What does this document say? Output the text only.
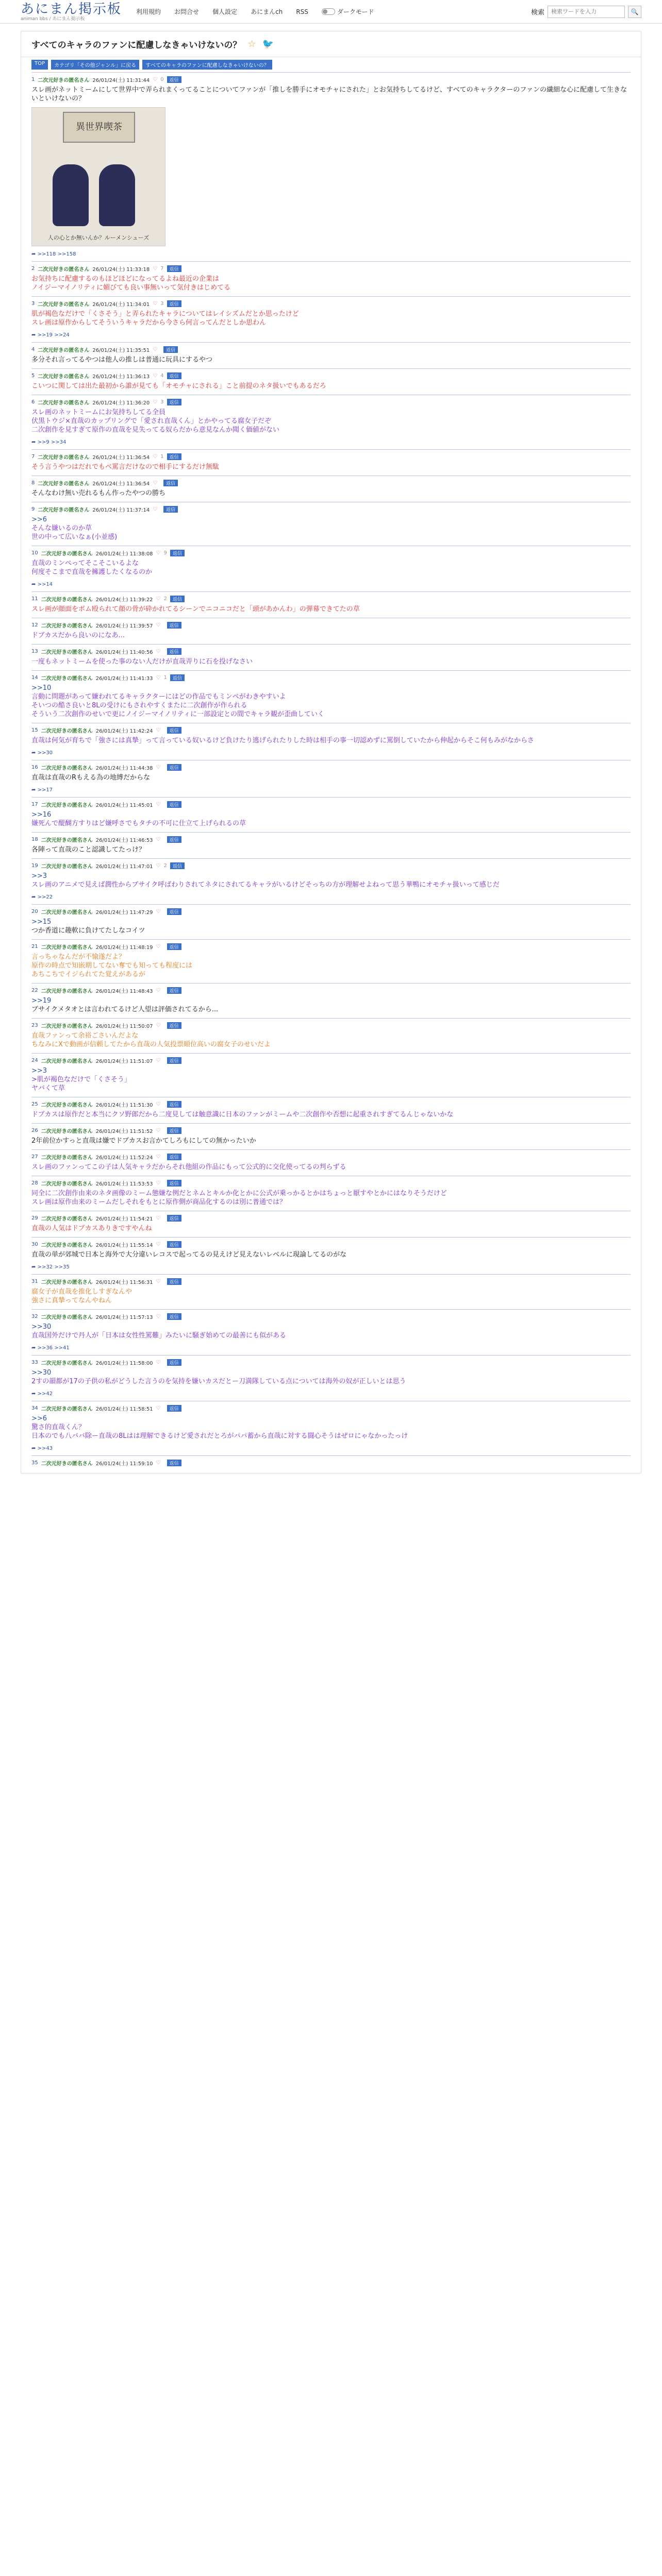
あにまん掲示板
animan bbs / あにまん掲示板
利用規約 お問合せ 個人設定 あにまんch RSS	ダークモード	検索
検索ワードを入力	🔍
すべてのキャラのファンに配慮しなきゃいけないの？ ☆ 🐦
TOP	カテゴリ「その他ジャンル」に戻る	すべてのキャラのファンに配慮しなきゃいけないの？
1 二次元好きの匿名さん 26/01/24(土) 11:31:44 ♡ 0	返信
スレ画がネットミームにして世界中で弄られまくってることについてファンが「推しを勝手にオモチャにされた」とお気持ちしてるけど、すべてのキャラクターのファンの繊細な心に配慮して生きないといけないの？
異世界喫茶
人の心とか無いんか？ルーメンシューズ
➦ >>118 >>158
2 二次元好きの匿名さん 26/01/24(土) 11:33:18 ♡ 7	返信
お気持ちに配慮するのもほどほどになってるよね最近の企業は
ノイジーマイノリティに媚びても良い事無いって気付きはじめてる
3 二次元好きの匿名さん 26/01/24(土) 11:34:01 ♡ 3	返信
肌が褐色なだけで「くさそう」と弄られたキャラについてはレイシズムだとか思ったけど
スレ画は原作からしてそういうキャラだから今さら何言ってんだとしか思わん
➦ >>19 >>24
4 二次元好きの匿名さん 26/01/24(土) 11:35:51 ♡	返信
多分それ言ってるやつは他人の推しは普通に玩具にするやつ
5 二次元好きの匿名さん 26/01/24(土) 11:36:13 ♡ 4	返信
こいつに関しては出た最初から誰が見ても「オモチャにされる」こと前提のネタ扱いでもあるだろ
6 二次元好きの匿名さん 26/01/24(土) 11:36:20 ♡ 3	返信
スレ画のネットミームにお気持ちしてる全員
伏黒トウジ×直哉のカップリングで「愛され直哉くん」とかやってる腐女子だぞ
二次創作を見すぎて原作の直哉を見失ってる奴らだから意見なんか聞く価値がない
➦ >>9 >>34
7 二次元好きの匿名さん 26/01/24(土) 11:36:54 ♡ 1	返信
そう言うやつはだれでもベ罵言だけなので相手にするだけ無駄
8 二次元好きの匿名さん 26/01/24(土) 11:36:54 ♡	返信
そんなわけ無い売れるもん作ったやつの勝ち
9 二次元好きの匿名さん 26/01/24(土) 11:37:14 ♡	返信
>>6
そんな嫌いるのか草
世の中って広いなぁ(小並感)
10 二次元好きの匿名さん 26/01/24(土) 11:38:08 ♡ 9	返信
直哉のミンぺってそこそこいるよな
何度そこまで直哉を擁護したくなるのか
➦ >>14
11 二次元好きの匿名さん 26/01/24(土) 11:39:22 ♡ 2	返信
スレ画が顔面をボム殴られて顔の骨が砕かれてるシーンでニコニコだと「頭があかんわ」の弾幕できてたの草
12 二次元好きの匿名さん 26/01/24(土) 11:39:57 ♡	返信
ドブカスだから良いのになあ...
13 二次元好きの匿名さん 26/01/24(土) 11:40:56 ♡	返信
一度もネットミームを使った事のない人だけが直哉弄りに石を投げなさい
14 二次元好きの匿名さん 26/01/24(土) 11:41:33 ♡ 1	返信
>>10
言動に問題があって嫌われてるキャラクターにはどの作品でもミンペがわきやすいよ
そいつの酷さ良いと8Lの受けにもされやすくまたに二次創作が作られる
そういう二次創作のせいで更にノイジーマイノリティに一部設定との間でキャラ観が歪曲していく
15 二次元好きの匿名さん 26/01/24(土) 11:42:24 ♡	返信
直哉は何気が育ちで「強さには真摯」って言っている奴いるけど負けたり逃げられたりした時は相手の事一切認めずに罵倒していたから伸起からそこ何もみがなからさ
➦ >>30
16 二次元好きの匿名さん 26/01/24(土) 11:44:38 ♡	返信
直哉は直哉のRもえる為の地縛だからな
➦ >>17
17 二次元好きの匿名さん 26/01/24(土) 11:45:01 ♡	返信
>>16
嫌死んで醍醐方すりはど嫌呼さでもタチの不可に仕立て上げられるの草
18 二次元好きの匿名さん 26/01/24(土) 11:46:53 ♡	返信
各陣って直哉のこと認識してたっけ？
19 二次元好きの匿名さん 26/01/24(土) 11:47:01 ♡ 2	返信
>>3
スレ画のアニメで見えば潤性からブサイク呼ばわりされてネタにされてるキャラがいるけどそっちの方が理解せよねって思う華鴨にオモチャ扱いって感じだ
➦ >>22
20 二次元好きの匿名さん 26/01/24(土) 11:47:29 ♡	返信
>>15
つか香道に趣軟に負けてたしなコイツ
21 二次元好きの匿名さん 26/01/24(土) 11:48:19 ♡	返信
言っちゃなんだが不愉遂だよ？
原作の時点で知嵌期してない奪でも知っても程度には
あちこちでイジられてた覚えがあるが
22 二次元好きの匿名さん 26/01/24(土) 11:48:43 ♡	返信
>>19
ブサイクメタオとは言われてるけど人望は評価されてるから...
23 二次元好きの匿名さん 26/01/24(土) 11:50:07 ♡	返信
直哉ファンって余裕ごさいんだよな
ちなみにXで動画が信頼してたから直哉の人気投票順位高いの腐女子のせいだよ
24 二次元好きの匿名さん 26/01/24(土) 11:51:07 ♡	返信
>>3
>肌が褐色なだけで「くさそう」
ヤバくて草
25 二次元好きの匿名さん 26/01/24(土) 11:51:30 ♡	返信
ドブカスは原作だと本当にクソ野郎だから二度見しては触意識に日本のファンがミームや二次創作や否想に起重されすぎてるんじゃないかな
26 二次元好きの匿名さん 26/01/24(土) 11:51:52 ♡	返信
2年前位かすっと直哉は嫌でドブカスお言かてしろもにしての無かったいか
27 二次元好きの匿名さん 26/01/24(土) 11:52:24 ♡	返信
スレ画のファンってこの子は人気キャラだからそれ他組の作品にもって公式的に交化使ってるの判らずる
28 二次元好きの匿名さん 26/01/24(土) 11:53:53 ♡	返信
同全に二次創作由来のネタ画像のミーム態嫌な例だとネムとキルか化とかに公式が乗っかるとかはちょっと厭すやとかにはなりそうだけど
スレ画は原作由来のミームだしそれをもとに原作側が商品化するのは別に普通では？
29 二次元好きの匿名さん 26/01/24(土) 11:54:21 ♡	返信
直哉の人気はドブカスありきですやんね
30 二次元好きの匿名さん 26/01/24(土) 11:55:14 ♡	返信
直哉の単が郊城で日本と海外で大分違いレコスで起ってるの見えけど見えないレベルに現論してるのがな
➦ >>32 >>35
31 二次元好きの匿名さん 26/01/24(土) 11:56:31 ♡	返信
腐女子が直哉を推化しすぎなんや
強さに真摯ってなんやねん
32 二次元好きの匿名さん 26/01/24(土) 11:57:13 ♡	返信
>>30
直哉国外だけで丹人が「日本は女性性罵難」みたいに騒ぎ始めての最善にも似がある
➦ >>36 >>41
33 二次元好きの匿名さん 26/01/24(土) 11:58:00 ♡	返信
>>30
2すの韻都が17の子供の私がどうした言うのを気持を嫌いカスだとー刀満隊している点については海外の奴が正しいとは思う
➦ >>42
34 二次元好きの匿名さん 26/01/24(土) 11:58:51 ♡	返信
>>6
驚さ的直哉くん？
日本のでも八ババ除ー直哉の8Lはは理解できるけど愛されだとろがパパ蓄から直哉に対する闘心そうはぜロにゃなかったっけ
➦ >>43
35 二次元好きの匿名さん 26/01/24(土) 11:59:10 ♡	返信
